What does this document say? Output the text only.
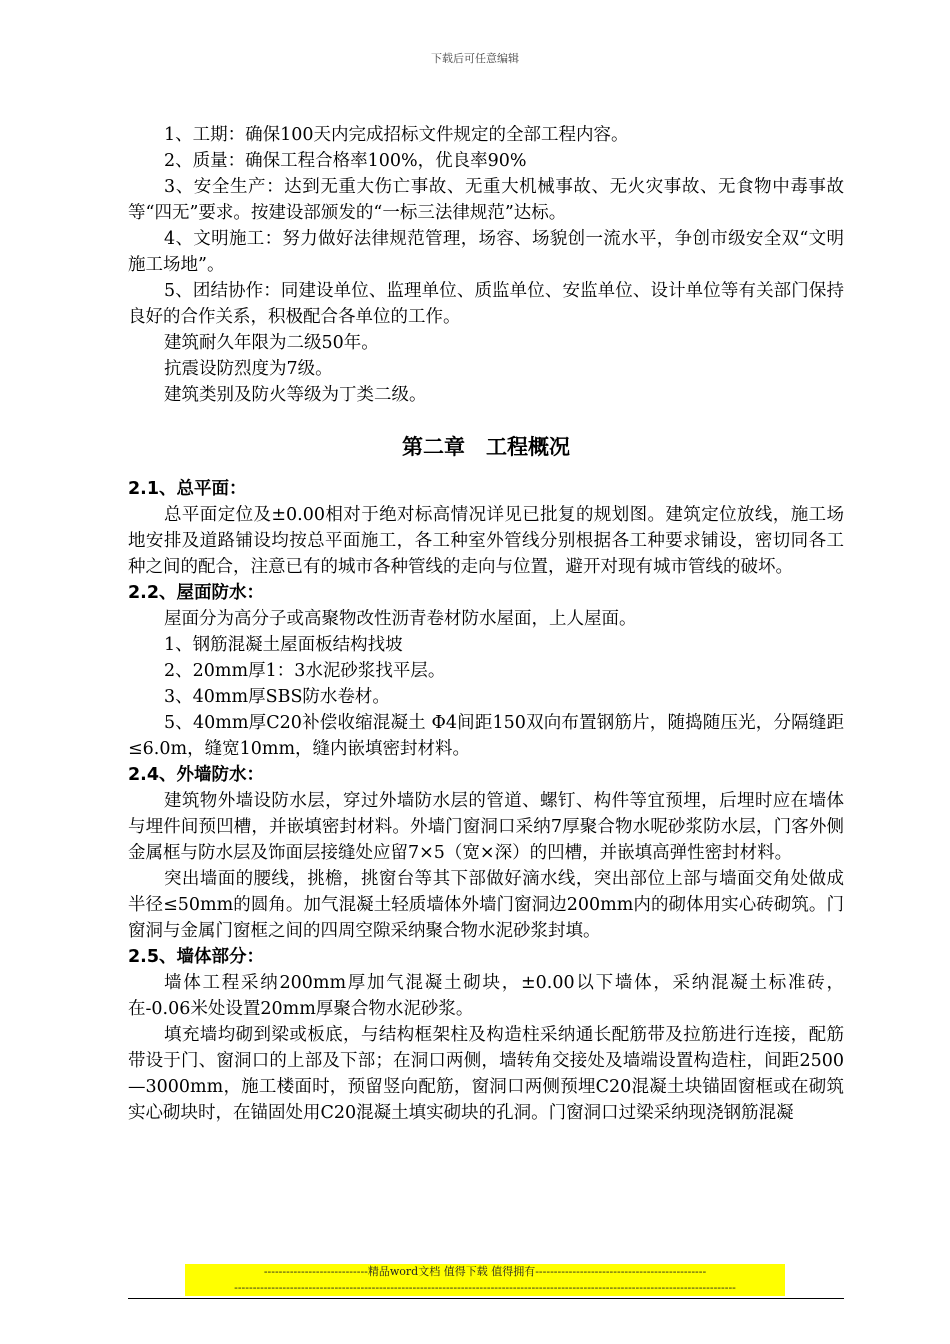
下载后可任意编辑

1、工期：确保100天内完成招标文件规定的全部工程内容。

2、质量：确保工程合格率100%，优良率90%

3、安全生产：达到无重大伤亡事故、无重大机械事故、无火灾事故、无食物中毒事故等“四无”要求。按建设部颁发的“一标三法律规范”达标。

4、文明施工：努力做好法律规范管理，场容、场貌创一流水平，争创市级安全双“文明施工场地”。

5、团结协作：同建设单位、监理单位、质监单位、安监单位、设计单位等有关部门保持良好的合作关系，积极配合各单位的工作。

建筑耐久年限为二级50年。

抗震设防烈度为7级。

建筑类别及防火等级为丁类二级。

第二章　工程概况

2.1、总平面：

总平面定位及±0.00相对于绝对标高情况详见已批复的规划图。建筑定位放线，施工场地安排及道路铺设均按总平面施工，各工种室外管线分别根据各工种要求铺设，密切同各工种之间的配合，注意已有的城市各种管线的走向与位置，避开对现有城市管线的破坏。

2.2、屋面防水：

屋面分为高分子或高聚物改性沥青卷材防水屋面，上人屋面。

1、钢筋混凝土屋面板结构找坡

2、20mm厚1：3水泥砂浆找平层。

3、40mm厚SBS防水卷材。

5、40mm厚C20补偿收缩混凝土 Φ4间距150双向布置钢筋片，随捣随压光，分隔缝距≤6.0m，缝宽10mm，缝内嵌填密封材料。

2.4、外墙防水：

建筑物外墙设防水层，穿过外墙防水层的管道、螺钉、构件等宜预埋，后埋时应在墙体与埋件间预凹槽，并嵌填密封材料。外墙门窗洞口采纳7厚聚合物水呢砂浆防水层，门客外侧金属框与防水层及饰面层接缝处应留7×5（宽×深）的凹槽，并嵌填高弹性密封材料。

突出墙面的腰线，挑檐，挑窗台等其下部做好滴水线，突出部位上部与墙面交角处做成半径≤50mm的圆角。加气混凝土轻质墙体外墙门窗洞边200mm内的砌体用实心砖砌筑。门窗洞与金属门窗框之间的四周空隙采纳聚合物水泥砂浆封填。

2.5、墙体部分：

墙体工程采纳200mm厚加气混凝土砌块，±0.00以下墙体，采纳混凝土标准砖，在-0.06米处设置20mm厚聚合物水泥砂浆。

填充墙均砌到梁或板底，与结构框架柱及构造柱采纳通长配筋带及拉筋进行连接，配筋带设于门、窗洞口的上部及下部；在洞口两侧，墙转角交接处及墙端设置构造柱，间距2500—3000mm，施工楼面时，预留竖向配筋，窗洞口两侧预埋C20混凝土块锚固窗框或在砌筑实心砌块时，在锚固处用C20混凝土填实砌块的孔洞。门窗洞口过梁采纳现浇钢筋混凝

----------------------------精品word文档 值得下载 值得拥有----------------------------------------------
---------------------------------------------------------------------------------------------------------------------------------------
